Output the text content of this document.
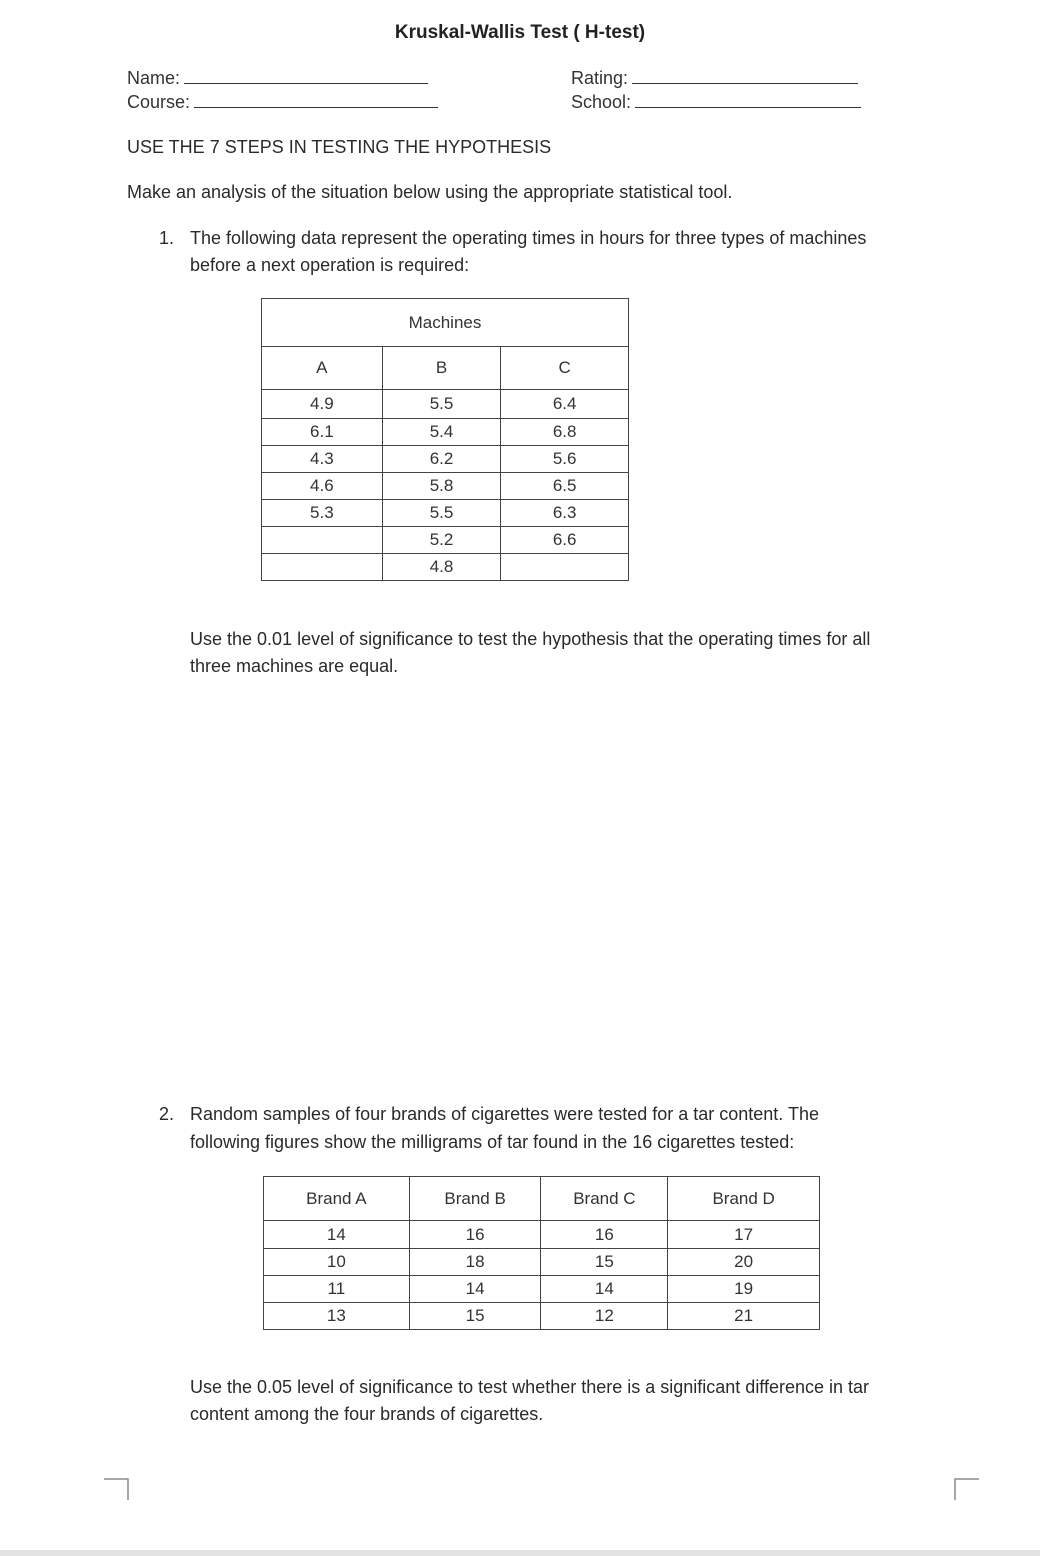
Kruskal-Wallis Test ( H-test)
Name:
Course:
Rating:
School:
USE THE 7 STEPS IN TESTING THE HYPOTHESIS
Make an analysis of the situation below using the appropriate statistical tool.
1. The following data represent the operating times in hours for three types of machines
before a next operation is required:
Machines		
A	B	C
4.9	5.5	6.4
6.1	5.4	6.8
4.3	6.2	5.6
4.6	5.8	6.5
5.3	5.5	6.3
	5.2	6.6
	4.8	
Use the 0.01 level of significance to test the hypothesis that the operating times for all
three machines are equal.
2. Random samples of four brands of cigarettes were tested for a tar content. The
following figures show the milligrams of tar found in the 16 cigarettes tested:
Brand A	Brand B	Brand C	Brand D
14	16	16	17
10	18	15	20
11	14	14	19
13	15	12	21
Use the 0.05 level of significance to test whether there is a significant difference in tar
content among the four brands of cigarettes.
